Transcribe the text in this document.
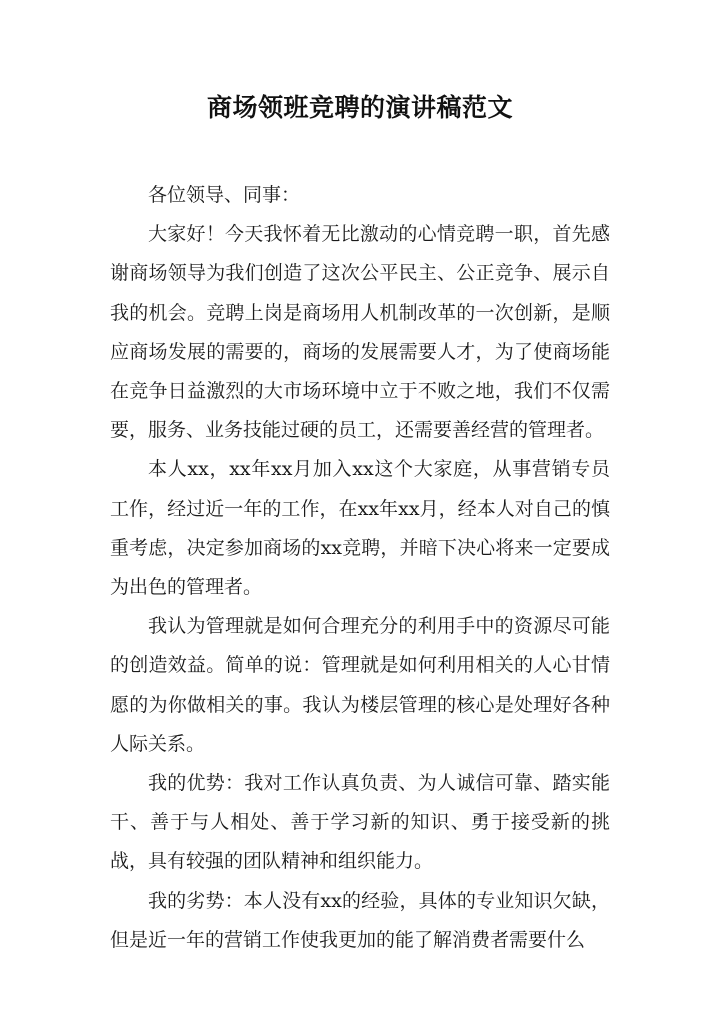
商场领班竞聘的演讲稿范文

各位领导、同事：

大家好！今天我怀着无比激动的心情竞聘一职，首先感谢商场领导为我们创造了这次公平民主、公正竞争、展示自我的机会。竞聘上岗是商场用人机制改革的一次创新，是顺应商场发展的需要的，商场的发展需要人才，为了使商场能在竞争日益激烈的大市场环境中立于不败之地，我们不仅需要，服务、业务技能过硬的员工，还需要善经营的管理者。

本人xx，xx年xx月加入xx这个大家庭，从事营销专员工作，经过近一年的工作，在xx年xx月，经本人对自己的慎重考虑，决定参加商场的xx竞聘，并暗下决心将来一定要成为出色的管理者。

我认为管理就是如何合理充分的利用手中的资源尽可能的创造效益。简单的说：管理就是如何利用相关的人心甘情愿的为你做相关的事。我认为楼层管理的核心是处理好各种人际关系。

我的优势：我对工作认真负责、为人诚信可靠、踏实能干、善于与人相处、善于学习新的知识、勇于接受新的挑战，具有较强的团队精神和组织能力。

我的劣势：本人没有xx的经验，具体的专业知识欠缺，但是近一年的营销工作使我更加的能了解消费者需要什么
